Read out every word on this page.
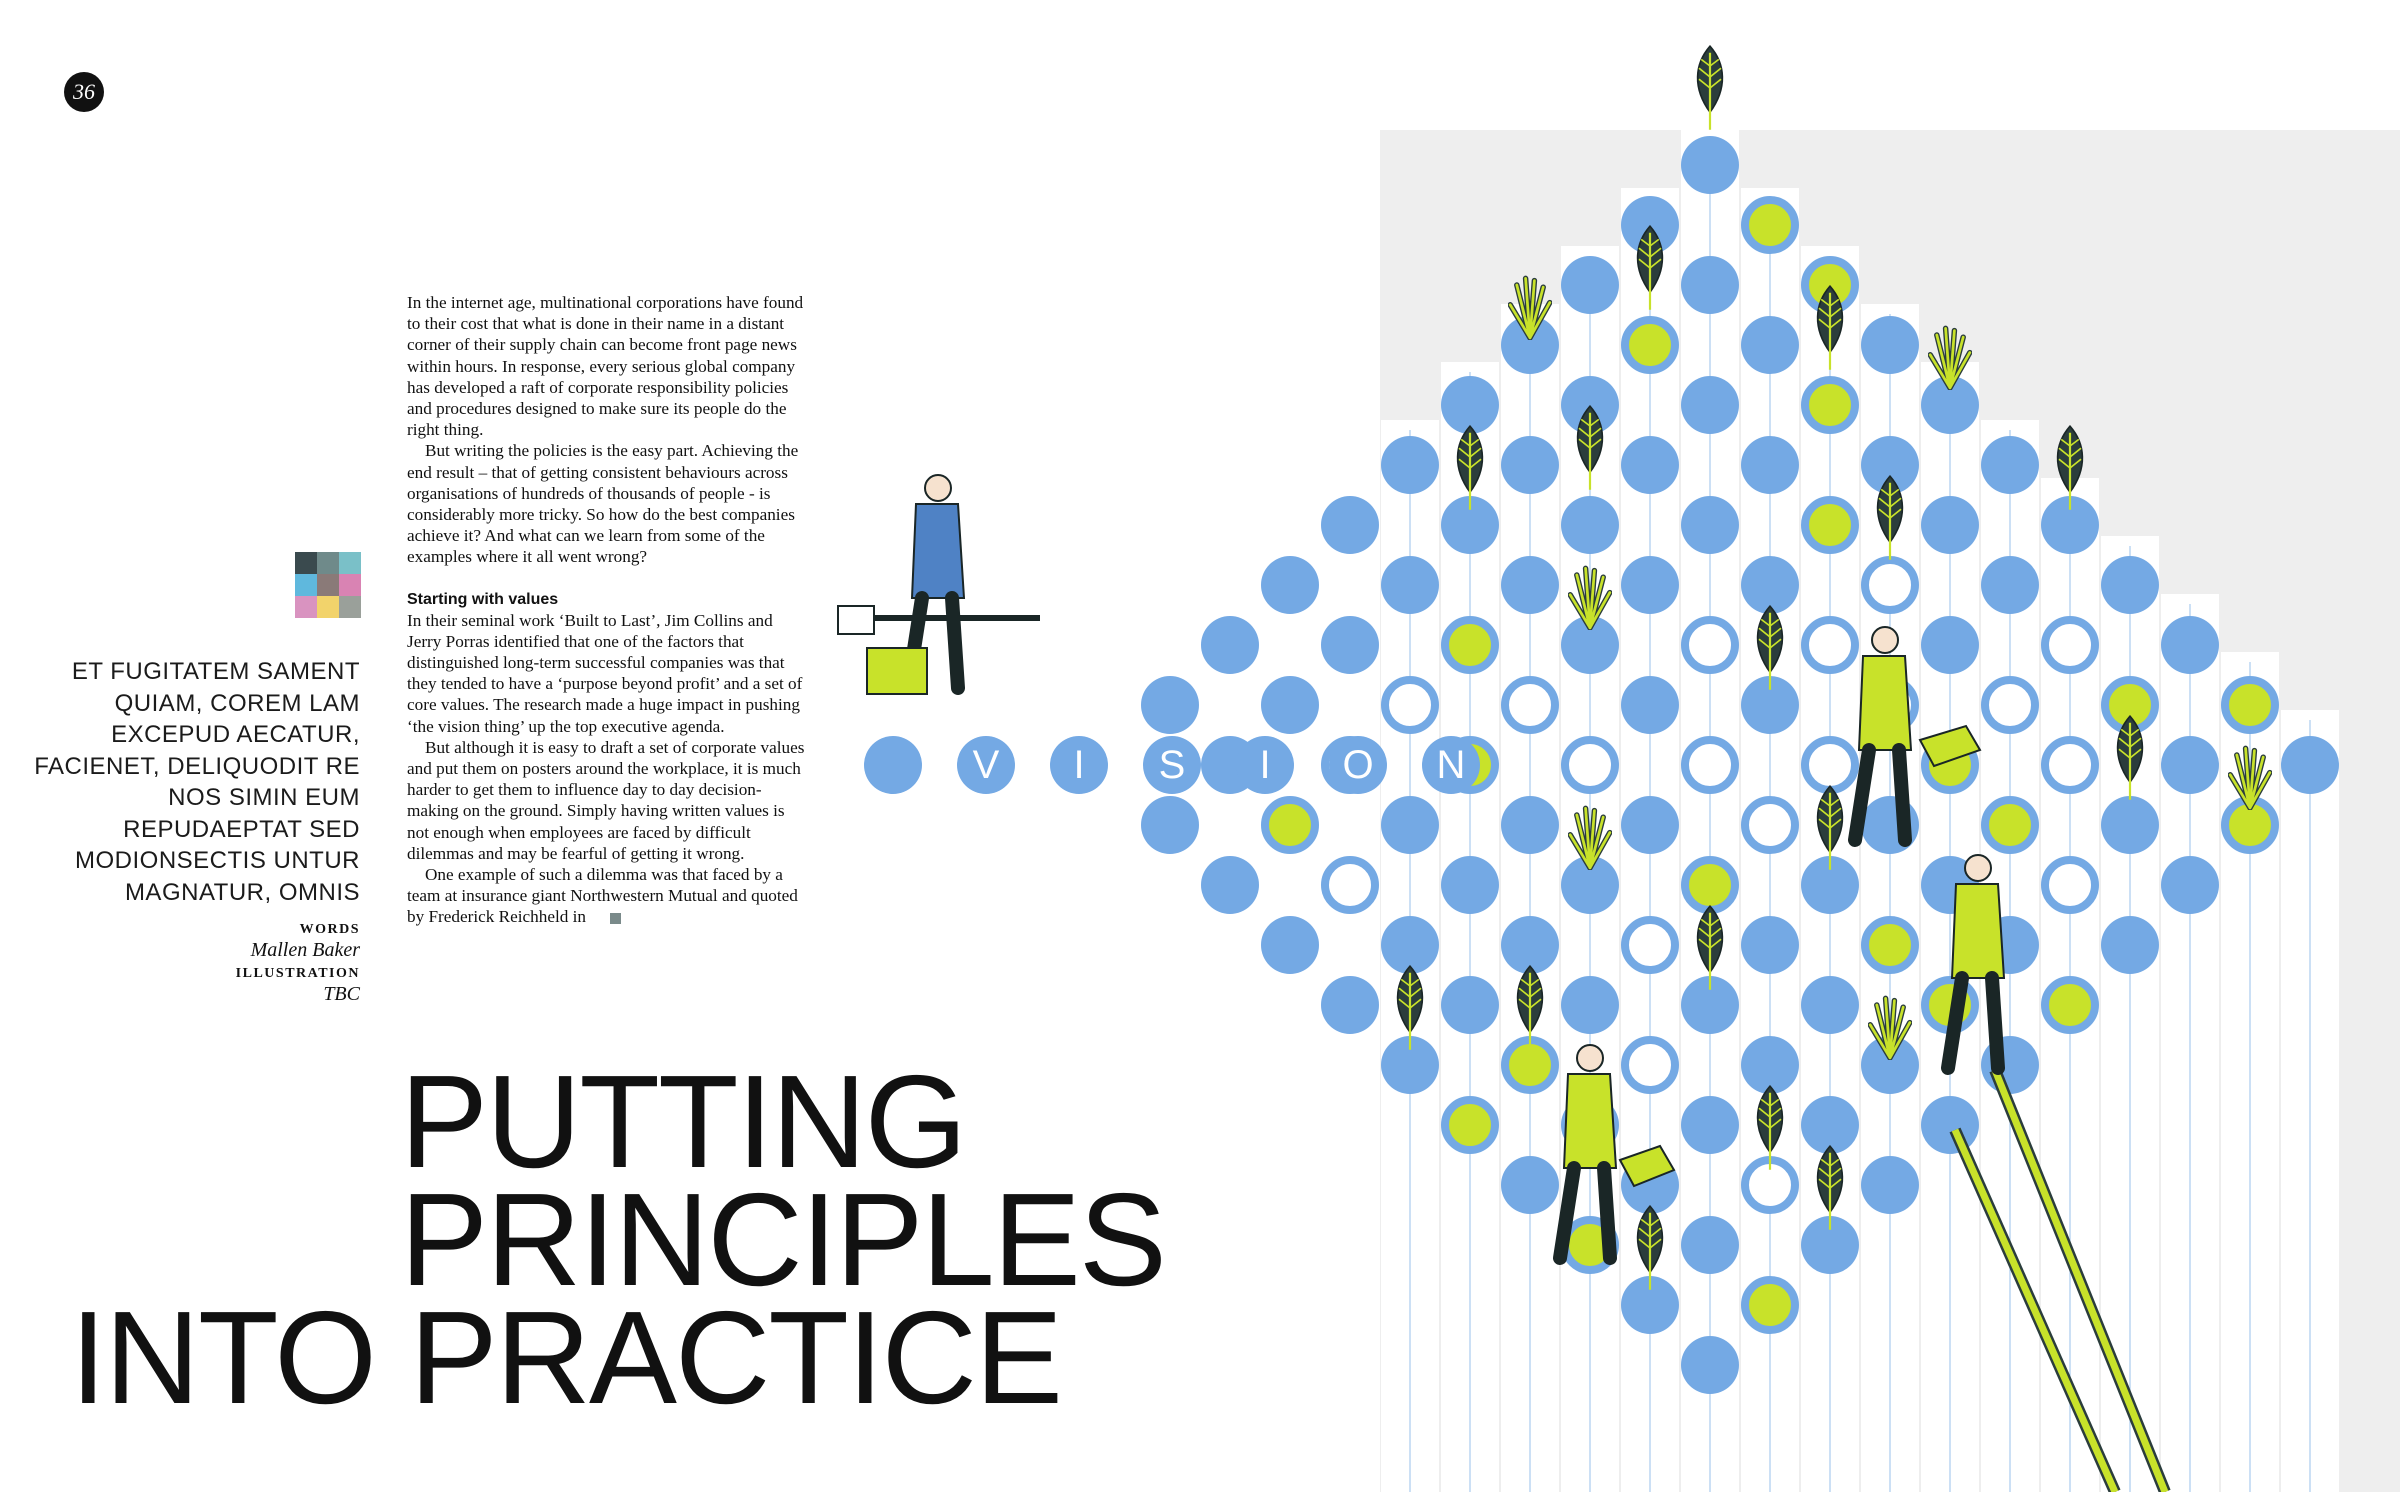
36
ET FUGITATEM SAMENT QUIAM, COREM LAM EXCEPUD AECATUR, FACIENET, DELIQUODIT RE NOS SIMIN EUM REPUDAEPTAT SED MODIONSECTIS UNTUR MAGNATUR, OMNIS
WORDS
Mallen Baker
ILLUSTRATION
TBC

In the internet age, multinational corporations have found to their cost that what is done in their name in a distant corner of their supply chain can become front page news within hours. In response, every serious global company has developed a raft of corporate responsibility policies and procedures designed to make sure its people do the right thing.

But writing the policies is the easy part. Achieving the end result – that of getting consistent behaviours across organisations of hundreds of thousands of people - is considerably more tricky. So how do the best companies achieve it? And what can we learn from some of the examples where it all went wrong?

Starting with values

In their seminal work ‘Built to Last’, Jim Collins and Jerry Porras identified that one of the factors that distinguished long-term successful companies was that they tended to have a ‘purpose beyond profit’ and a set of core values. The research made a huge impact in pushing ‘the vision thing’ up the top executive agenda.

But although it is easy to draft a set of corporate values and put them on posters around the workplace, it is much harder to get them to influence day to day decision-making on the ground. Simply having written values is not enough when employees are faced by difficult dilemmas and may be fearful of getting it wrong.

One example of such a dilemma was that faced by a team at insurance giant Northwestern Mutual and quoted by Frederick Reichheld in

PUTTING
PRINCIPLES
INTO PRACTICE
V I S I O N
